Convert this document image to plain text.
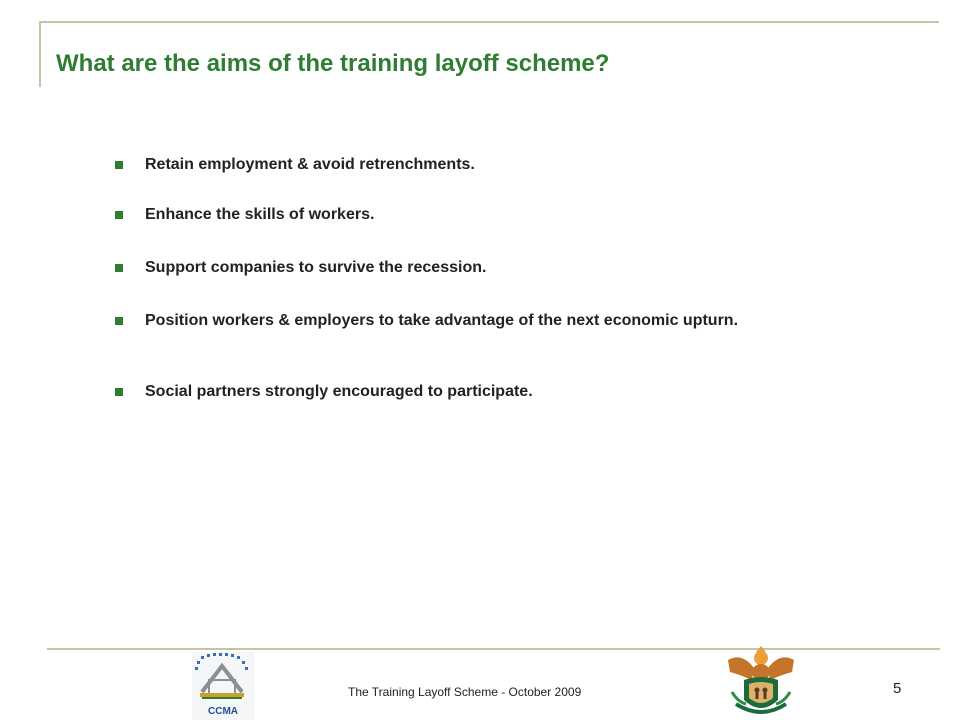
What are the aims of the training layoff scheme?
Retain employment & avoid retrenchments.
Enhance the skills of workers.
Support companies to survive the recession.
Position workers & employers to take advantage of the next economic upturn.
Social partners strongly encouraged to participate.
CCMA
The Training Layoff Scheme - October 2009	5
